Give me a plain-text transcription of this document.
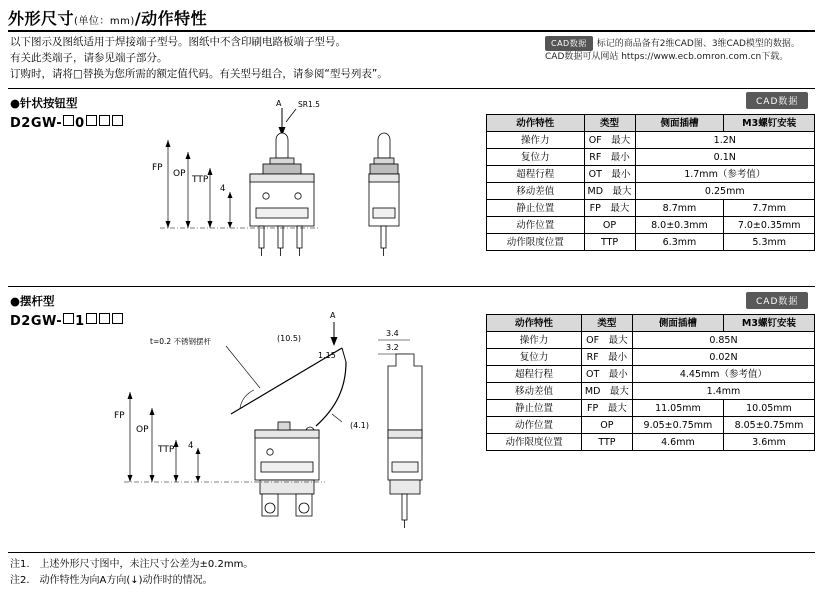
外形尺寸(单位：mm)/动作特性
以下图示及图纸适用于焊接端子型号。图纸中不含印刷电路板端子型号。
有关此类端子，请参见端子部分。
订购时，请将□替换为您所需的额定值代码。有关型号组合，请参阅“型号列表”。
CAD数据 标记的商品备有2维CAD图、3维CAD模型的数据。
CAD数据可从网站 https://www.ecb.omron.com.cn下载。
●针状按钮型
D2GW- 0
CAD数据
A SR1.5
FP
OP
TTP
4
动作特性	类型	侧面插槽	M3螺钉安装
操作力	OF　最大	1.2N	
复位力	RF　最小	0.1N	
超程行程	OT　最小	1.7mm（参考值）	
移动差值	MD　最大	0.25mm	
静止位置	FP　最大	8.7mm	7.7mm
动作位置	OP	8.0±0.3mm	7.0±0.35mm
动作限度位置	TTP	6.3mm	5.3mm
●摆杆型
D2GW- 1
CAD数据
A
t=0.2 不锈钢摆杆	(10.5)
1.15
(4.1)
FP
OP
TTP 4
3.4
3.2
动作特性	类型	侧面插槽	M3螺钉安装
操作力	OF　最大	0.85N	
复位力	RF　最小	0.02N	
超程行程	OT　最小	4.45mm（参考值）	
移动差值	MD　最大	1.4mm	
静止位置	FP　最大	11.05mm	10.05mm
动作位置	OP	9.05±0.75mm	8.05±0.75mm
动作限度位置	TTP	4.6mm	3.6mm
注1.　上述外形尺寸图中，未注尺寸公差为±0.2mm。
注2.　动作特性为向A方向(↓)动作时的情况。
